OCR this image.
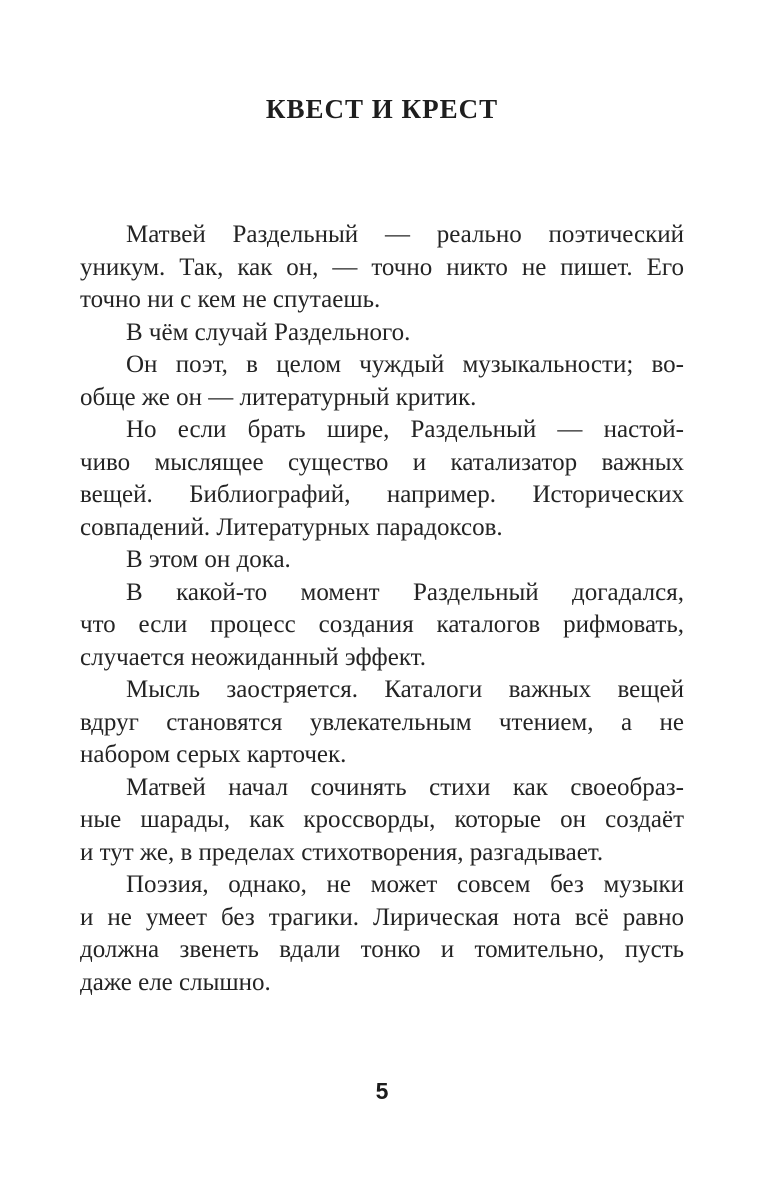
КВЕСТ И КРЕСТ

Матвей Раздельный — реально поэтический
уникум. Так, как он, — точно никто не пишет. Его
точно ни с кем не спутаешь.

В чём случай Раздельного.

Он поэт, в целом чуждый музыкальности; во-
обще же он — литературный критик.

Но если брать шире, Раздельный — настой-
чиво мыслящее существо и катализатор важных
вещей. Библиографий, например. Исторических
совпадений. Литературных парадоксов.

В этом он дока.

В какой-то момент Раздельный догадался,
что если процесс создания каталогов рифмовать,
случается неожиданный эффект.

Мысль заостряется. Каталоги важных вещей
вдруг становятся увлекательным чтением, а не
набором серых карточек.

Матвей начал сочинять стихи как своеобраз-
ные шарады, как кроссворды, которые он создаёт
и тут же, в пределах стихотворения, разгадывает.

Поэзия, однако, не может совсем без музыки
и не умеет без трагики. Лирическая нота всё равно
должна звенеть вдали тонко и томительно, пусть
даже еле слышно.

5
